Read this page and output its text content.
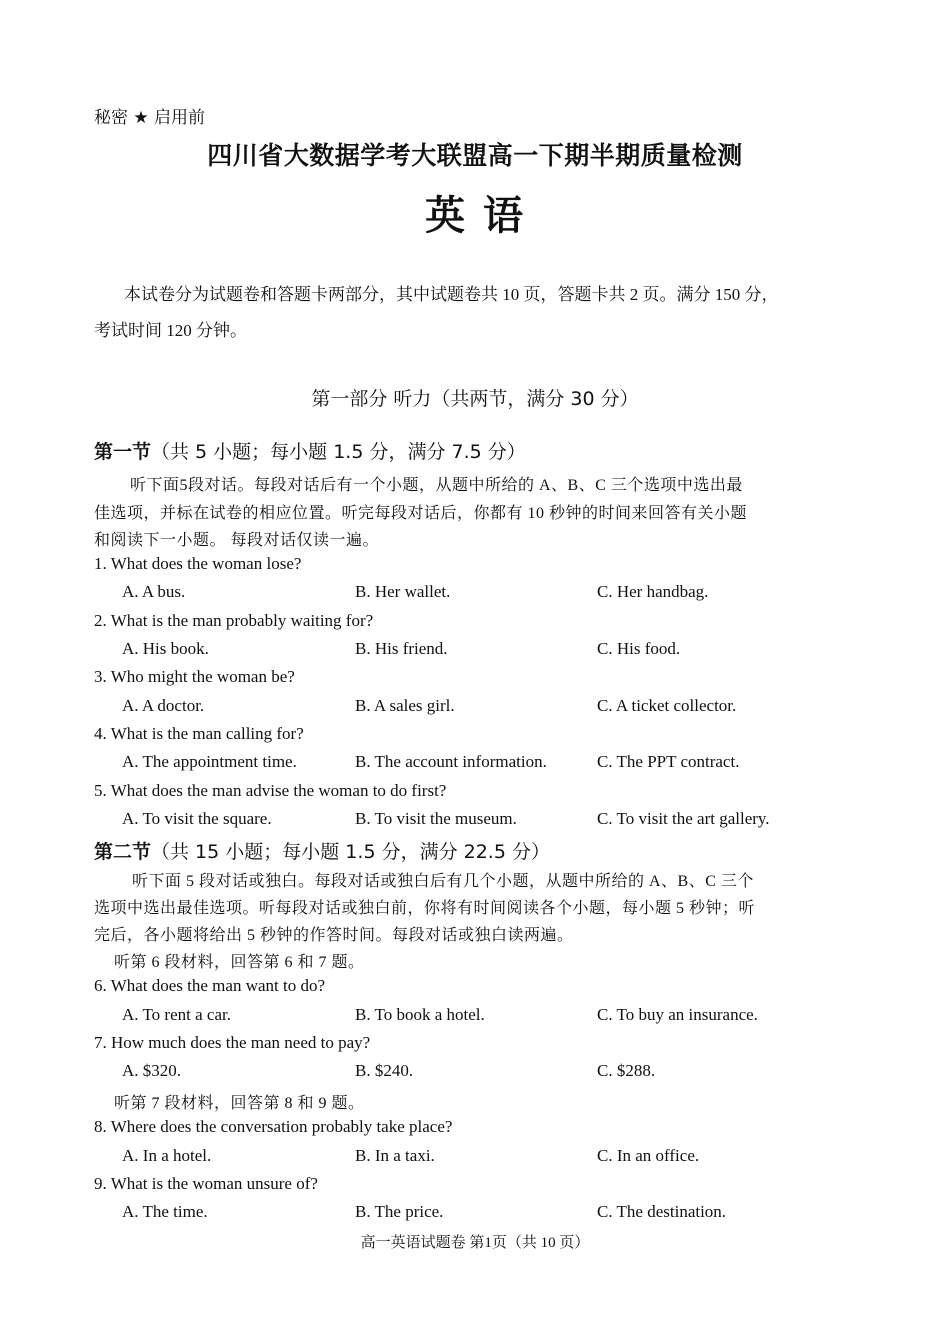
秘密 ★ 启用前
四川省大数据学考大联盟高一下期半期质量检测
英 语
本试卷分为试题卷和答题卡两部分，其中试题卷共 10 页，答题卡共 2 页。满分 150 分，
考试时间 120 分钟。
第一部分 听力（共两节，满分 30 分）
第一节（共 5 小题；每小题 1.5 分，满分 7.5 分）
听下面5段对话。每段对话后有一个小题，从题中所给的 A、B、C 三个选项中选出最
佳选项，并标在试卷的相应位置。听完每段对话后，你都有 10 秒钟的时间来回答有关小题
和阅读下一小题。 每段对话仅读一遍。
1. What does the woman lose?
A. A bus.	B. Her wallet.	C. Her handbag.
2. What is the man probably waiting for?
A. His book.	B. His friend.	C. His food.
3. Who might the woman be?
A. A doctor.	B. A sales girl.	C. A ticket collector.
4. What is the man calling for?
A. The appointment time.	B. The account information.	C. The PPT contract.
5. What does the man advise the woman to do first?
A. To visit the square.	B. To visit the museum.	C. To visit the art gallery.
第二节（共 15 小题；每小题 1.5 分，满分 22.5 分）
听下面 5 段对话或独白。每段对话或独白后有几个小题，从题中所给的 A、B、C 三个
选项中选出最佳选项。听每段对话或独白前，你将有时间阅读各个小题，每小题 5 秒钟；听
完后，各小题将给出 5 秒钟的作答时间。每段对话或独白读两遍。
听第 6 段材料，回答第 6 和 7 题。
6. What does the man want to do?
A. To rent a car.	B. To book a hotel.	C. To buy an insurance.
7. How much does the man need to pay?
A. $320.	B. $240.	C. $288.
听第 7 段材料，回答第 8 和 9 题。
8. Where does the conversation probably take place?
A. In a hotel.	B. In a taxi.	C. In an office.
9. What is the woman unsure of?
A. The time.	B. The price.	C. The destination.
高一英语试题卷 第1页（共 10 页）
